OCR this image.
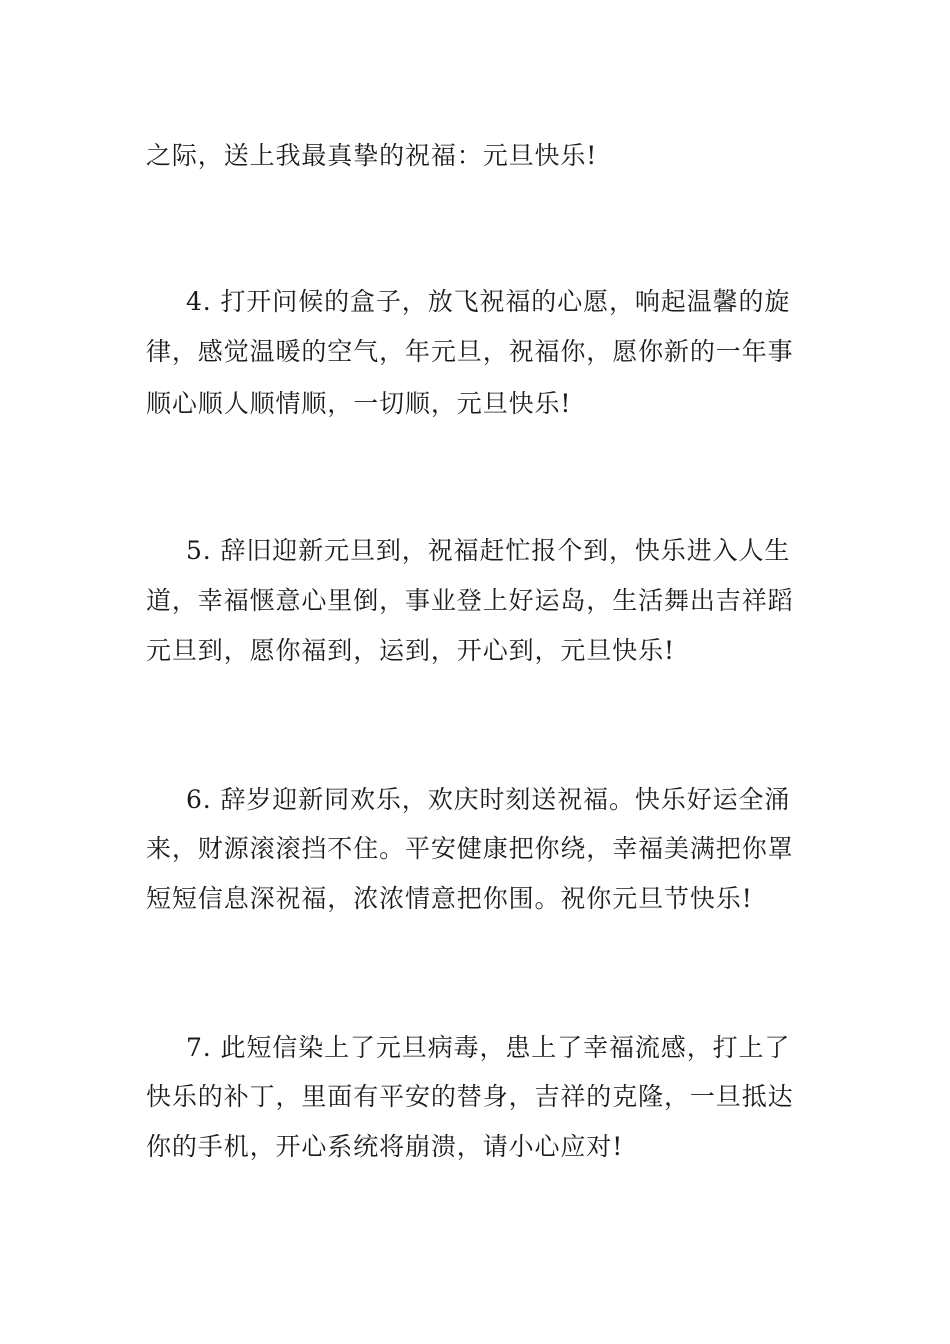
之际，送上我最真挚的祝福：元旦快乐!
4. 打开问候的盒子，放飞祝福的心愿，响起温馨的旋
律，感觉温暖的空气，年元旦，祝福你，愿你新的一年事
顺心顺人顺情顺，一切顺，元旦快乐!
5. 辞旧迎新元旦到，祝福赶忙报个到，快乐进入人生
道，幸福惬意心里倒，事业登上好运岛，生活舞出吉祥蹈
元旦到，愿你福到，运到，开心到，元旦快乐!
6. 辞岁迎新同欢乐，欢庆时刻送祝福。快乐好运全涌
来，财源滚滚挡不住。平安健康把你绕，幸福美满把你罩
短短信息深祝福，浓浓情意把你围。祝你元旦节快乐!
7. 此短信染上了元旦病毒，患上了幸福流感，打上了
快乐的补丁，里面有平安的替身，吉祥的克隆，一旦抵达
你的手机，开心系统将崩溃，请小心应对!
